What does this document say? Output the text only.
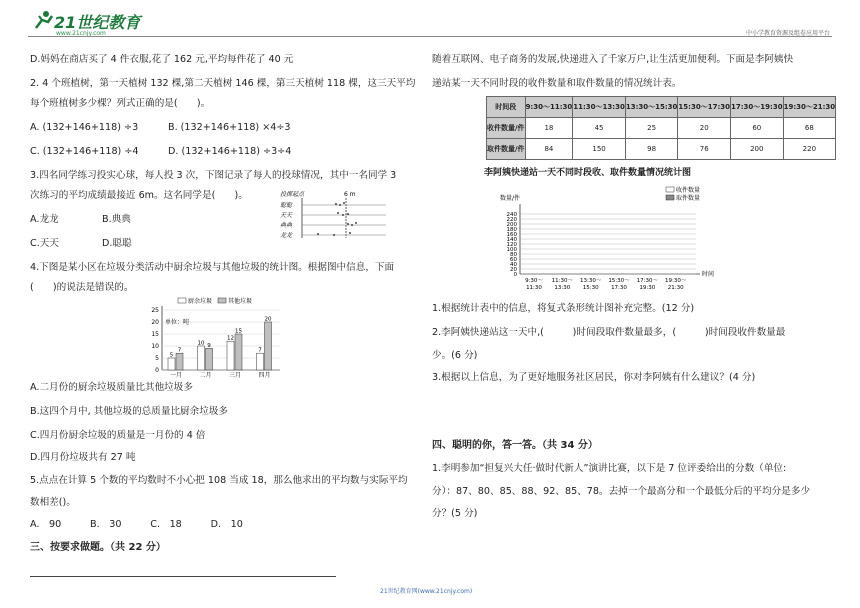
21世纪教育
www.21cnjy.com	中小学教育资源及组卷应用平台
D.妈妈在商店买了 4 件衣服,花了 162 元,平均每件花了 40 元
2. 4 个班植树，第一天植树 132 棵,第二天植树 146 棵，第三天植树 118 棵，这三天平均
每个班植树多少棵？列式正确的是(　　)。
A. (132+146+118) ÷3	B. (132+146+118) ×4÷3
C. (132+146+118) ÷4	D. (132+146+118) ÷3÷4
3.四名同学练习投实心球，每人投 3 次，下图记录了每人的投球情况，其中一名同学 3
次练习的平均成绩最接近 6m。这名同学是(　　)。
A.龙龙	B.典典
C.天天	D.聪聪
投掷起点	6 m
聪聪
天天
典典
龙龙
4.下图是某小区在垃圾分类活动中厨余垃圾与其他垃圾的统计图。根据图中信息，下面
(　　)的说法是错误的。
0
5
10
15
20
25
单位：吨
厨余垃圾	其他垃圾
5
7
一月
10 9
二月
12
15
三月
7
20
四月
A.二月份的厨余垃圾质量比其他垃圾多
B.这四个月中, 其他垃圾的总质量比厨余垃圾多
C.四月份厨余垃圾的质量是一月份的 4 倍
D.四月份垃圾共有 27 吨
5.点点在计算 5 个数的平均数时不小心把 108 当成 18，那么他求出的平均数与实际平均
数相差()。
A.　90　　　B.　30　　　C.　18　　　D.　10
三、按要求做题。（共 22 分）
随着互联网、电子商务的发展,快递进入了千家万户,让生活更加便利。下面是李阿姨快
递站某一天不同时段的收件数量和取件数量的情况统计表。
时间段	9:30～11:30	11:30～13:30	13:30～15:30	15:30～17:30	17:30～19:30	19:30～21:30
收件数量/件	18	45	25	20	60	68
取件数量/件	84	150	98	76	200	220
李阿姨快递站一天不同时段收、取件数量情况统计图
数量/件
时间
0
20
40
60
80
100
120
140
160
180
200
220
240
收件数量
取件数量
9:30～
11:30
11:30～
13:30
13:30～
15:30
15:30～
17:30
17:30～
19:30
19:30～
21:30
1.根据统计表中的信息，将复式条形统计图补充完整。(12 分)
2.李阿姨快递站这一天中,(　　　)时间段取件数量最多，(　　　)时间段收件数量最
少。(6 分)
3.根据以上信息，为了更好地服务社区居民，你对李阿姨有什么建议？(4 分)
四、聪明的你，答一答。（共 34 分）
1.李明参加“担复兴大任·做时代新人”演讲比赛，以下是 7 位评委给出的分数（单位:
分）：87、80、85、88、92、85、78。去掉一个最高分和一个最低分后的平均分是多少
分？(5 分)
21世纪教育网(www.21cnjy.com)
